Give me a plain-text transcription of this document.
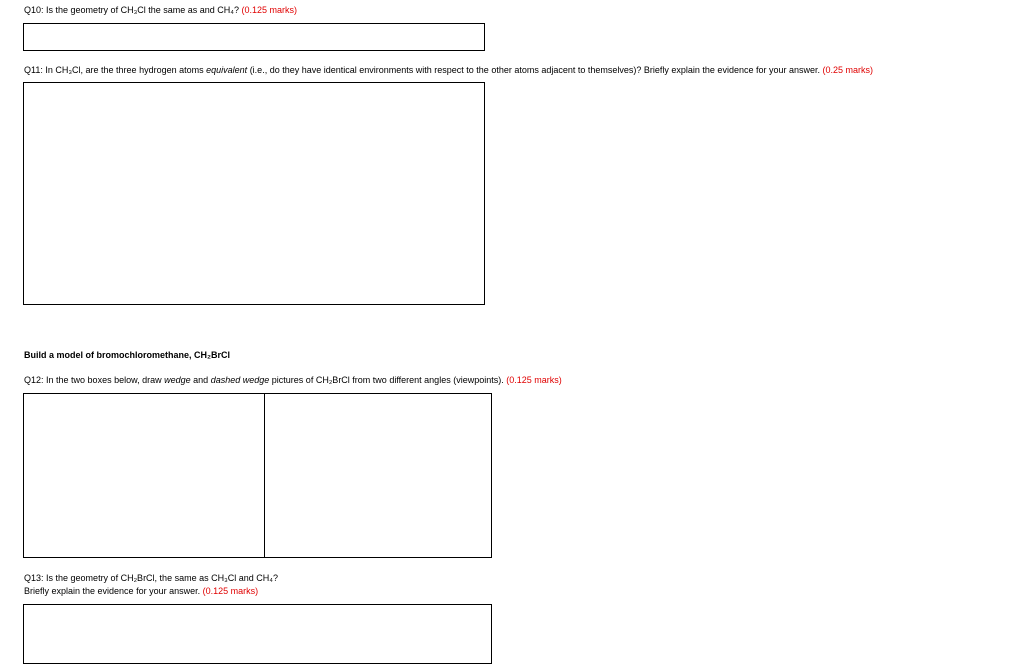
Q10: Is the geometry of CH₃Cl the same as and CH₄? (0.125 marks)
Q11: In CH₃Cl, are the three hydrogen atoms equivalent (i.e., do they have identical environments with respect to the other atoms adjacent to themselves)? Briefly explain the evidence for your answer. (0.25 marks)
Build a model of bromochloromethane, CH₂BrCl
Q12: In the two boxes below, draw wedge and dashed wedge pictures of CH₂BrCl from two different angles (viewpoints). (0.125 marks)
Q13: Is the geometry of CH₂BrCl, the same as CH₃Cl and CH₄?
Briefly explain the evidence for your answer. (0.125 marks)
